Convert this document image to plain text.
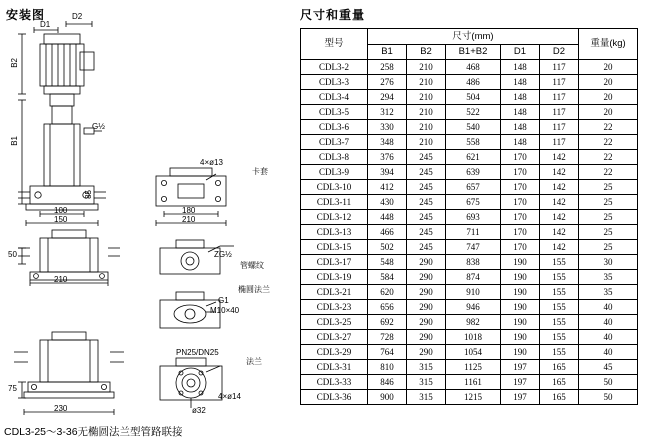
安装图
B2
B1
D1
D2
G½
卡套
4×ø13
100
150
180
210
50	ZG½
管螺纹
210
椭圆法兰
G1
M10×40
PN25/DN25
法兰
75
230
4×ø14
ø32
85
CDL3-25～3-36无椭圆法兰型管路联接
尺寸和重量
型号	尺寸(mm)					重量(kg)
	B1	B2	B1+B2	D1	D2	
CDL3-2	258	210	468	148	117	20
CDL3-3	276	210	486	148	117	20
CDL3-4	294	210	504	148	117	20
CDL3-5	312	210	522	148	117	20
CDL3-6	330	210	540	148	117	22
CDL3-7	348	210	558	148	117	22
CDL3-8	376	245	621	170	142	22
CDL3-9	394	245	639	170	142	22
CDL3-10	412	245	657	170	142	25
CDL3-11	430	245	675	170	142	25
CDL3-12	448	245	693	170	142	25
CDL3-13	466	245	711	170	142	25
CDL3-15	502	245	747	170	142	25
CDL3-17	548	290	838	190	155	30
CDL3-19	584	290	874	190	155	35
CDL3-21	620	290	910	190	155	35
CDL3-23	656	290	946	190	155	40
CDL3-25	692	290	982	190	155	40
CDL3-27	728	290	1018	190	155	40
CDL3-29	764	290	1054	190	155	40
CDL3-31	810	315	1125	197	165	45
CDL3-33	846	315	1161	197	165	50
CDL3-36	900	315	1215	197	165	50
